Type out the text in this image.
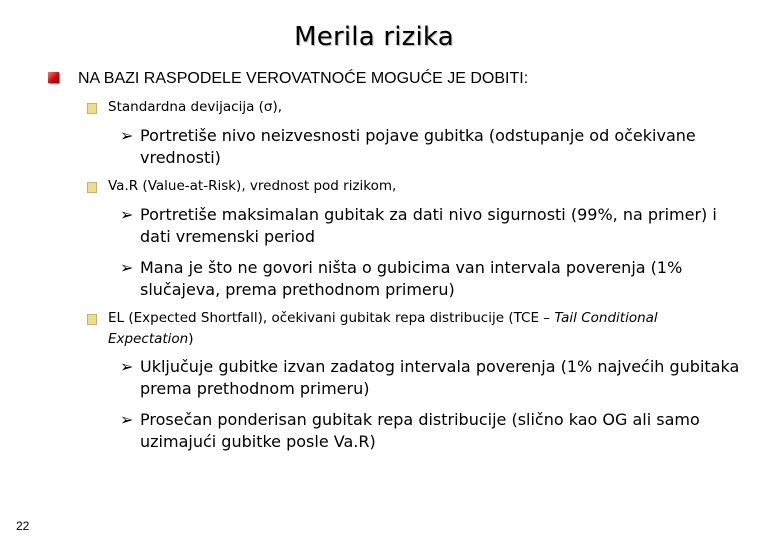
Merila rizika
NA BAZI RASPODELE VEROVATNOĆE MOGUĆE JE DOBITI:
Standardna devijacija (σ),
➢ Portretiše nivo neizvesnosti pojave gubitka (odstupanje od očekivane vrednosti)
Va.R (Value-at-Risk), vrednost pod rizikom,
➢ Portretiše maksimalan gubitak za dati nivo sigurnosti (99%, na primer) i dati vremenski period
➢ Mana je što ne govori ništa o gubicima van intervala poverenja (1% slučajeva, prema prethodnom primeru)
EL (Expected Shortfall), očekivani gubitak repa distribucije (TCE – Tail Conditional Expectation)
➢ Uključuje gubitke izvan zadatog intervala poverenja (1% najvećih gubitaka prema prethodnom primeru)
➢ Prosečan ponderisan gubitak repa distribucije (slično kao OG ali samo uzimajući gubitke posle Va.R)
22
